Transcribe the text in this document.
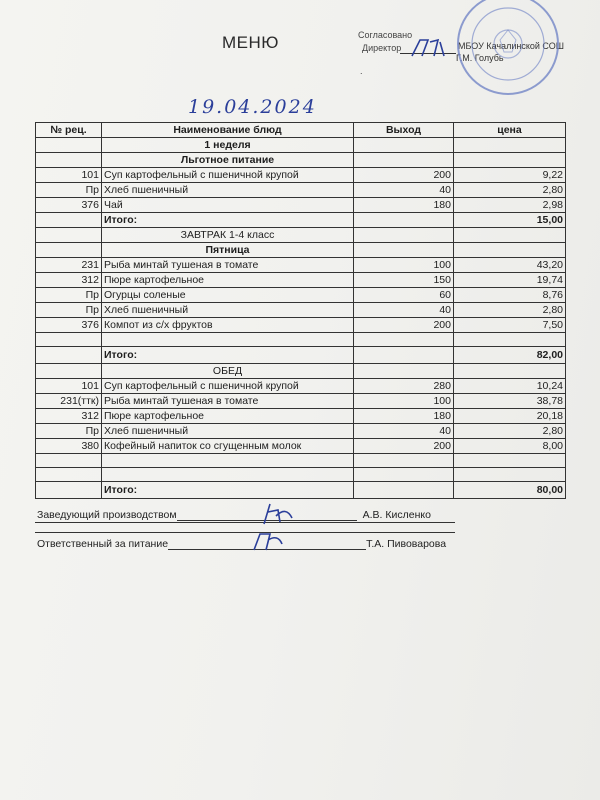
МЕНЮ	Согласовано
Директор
.
МБОУ Качалинской СОШ
Г.М. Голубь
19.04.2024
№ рец.	Наименование блюд	Выход	цена
	1 неделя		
	Льготное питание		
101	Суп картофельный с пшеничной крупой	200	9,22
Пр	Хлеб пшеничный	40	2,80
376	Чай	180	2,98
	Итого:		15,00
	ЗАВТРАК 1-4 класс		
	Пятница		
231	Рыба минтай тушеная в томате	100	43,20
312	Пюре картофельное	150	19,74
Пр	Огурцы соленые	60	8,76
Пр	Хлеб пшеничный	40	2,80
376	Компот из с/х фруктов	200	7,50

	Итого:		82,00
	ОБЕД		
101	Суп картофельный с пшеничной крупой	280	10,24
231(ттк)	Рыба минтай тушеная в томате	100	38,78
312	Пюре картофельное	180	20,18
Пр	Хлеб пшеничный	40	2,80
380	Кофейный напиток со сгущенным молок	200	8,00

	Итого:		80,00
Заведующий производством	А.В. Кисленко
Ответственный за питание	Т.А. Пивоварова
